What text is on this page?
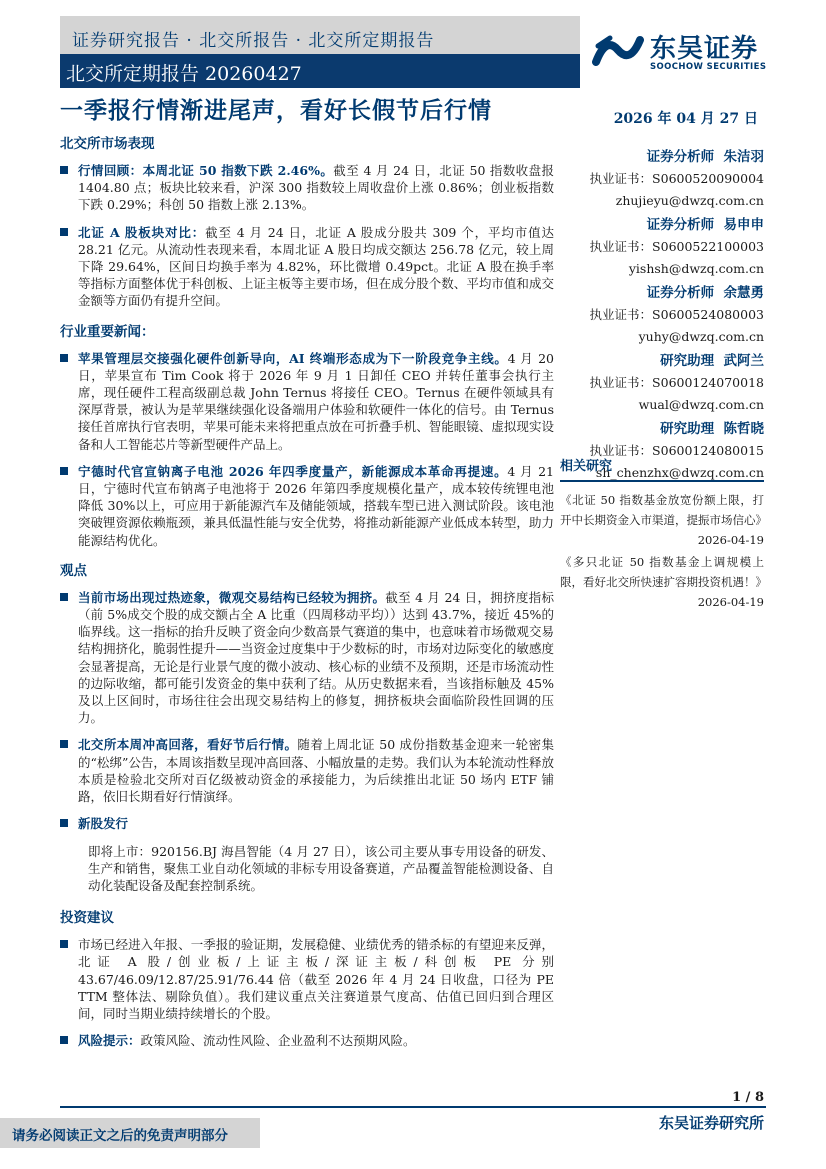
证券研究报告 · 北交所报告 · 北交所定期报告
北交所定期报告 20260427
东吴证券
SOOCHOW SECURITIES
一季报行情渐进尾声，看好长假节后行情	2026 年 04 月 27 日
北交所市场表现
行情回顾：本周北证 50 指数下跌 2.46%。截至 4 月 24 日，北证 50 指数收盘报 1404.80 点；板块比较来看，沪深 300 指数较上周收盘价上涨 0.86%；创业板指数下跌 0.29%；科创 50 指数上涨 2.13%。
北证 A 股板块对比：截至 4 月 24 日，北证 A 股成分股共 309 个，平均市值达 28.21 亿元。从流动性表现来看，本周北证 A 股日均成交额达 256.78 亿元，较上周下降 29.64%，区间日均换手率为 4.82%，环比微增 0.49pct。北证 A 股在换手率等指标方面整体优于科创板、上证主板等主要市场，但在成分股个数、平均市值和成交金额等方面仍有提升空间。
行业重要新闻：
苹果管理层交接强化硬件创新导向，AI 终端形态成为下一阶段竞争主线。4 月 20 日，苹果宣布 Tim Cook 将于 2026 年 9 月 1 日卸任 CEO 并转任董事会执行主席，现任硬件工程高级副总裁 John Ternus 将接任 CEO。Ternus 在硬件领域具有深厚背景，被认为是苹果继续强化设备端用户体验和软硬件一体化的信号。由 Ternus 接任首席执行官表明，苹果可能未来将把重点放在可折叠手机、智能眼镜、虚拟现实设备和人工智能芯片等新型硬件产品上。
宁德时代官宣钠离子电池 2026 年四季度量产，新能源成本革命再提速。4 月 21 日，宁德时代宣布钠离子电池将于 2026 年第四季度规模化量产，成本较传统锂电池降低 30%以上，可应用于新能源汽车及储能领域，搭载车型已进入测试阶段。该电池突破锂资源依赖瓶颈，兼具低温性能与安全优势，将推动新能源产业低成本转型，助力能源结构优化。
观点
当前市场出现过热迹象，微观交易结构已经较为拥挤。截至 4 月 24 日，拥挤度指标（前 5%成交个股的成交额占全 A 比重（四周移动平均））达到 43.7%，接近 45%的临界线。这一指标的抬升反映了资金向少数高景气赛道的集中，也意味着市场微观交易结构拥挤化，脆弱性提升——当资金过度集中于少数标的时，市场对边际变化的敏感度会显著提高，无论是行业景气度的微小波动、核心标的业绩不及预期，还是市场流动性的边际收缩，都可能引发资金的集中获利了结。从历史数据来看，当该指标触及 45%及以上区间时，市场往往会出现交易结构上的修复，拥挤板块会面临阶段性回调的压力。
北交所本周冲高回落，看好节后行情。随着上周北证 50 成份指数基金迎来一轮密集的“松绑”公告，本周该指数呈现冲高回落、小幅放量的走势。我们认为本轮流动性释放本质是检验北交所对百亿级被动资金的承接能力，为后续推出北证 50 场内 ETF 铺路，依旧长期看好行情演绎。
新股发行
即将上市：920156.BJ 海昌智能（4 月 27 日），该公司主要从事专用设备的研发、生产和销售，聚焦工业自动化领域的非标专用设备赛道，产品覆盖智能检测设备、自动化装配设备及配套控制系统。
投资建议
市场已经进入年报、一季报的验证期，发展稳健、业绩优秀的错杀标的有望迎来反弹，北证 A 股/创业板/上证主板/深证主板/科创板 PE 分别 43.67/46.09/12.87/25.91/76.44 倍（截至 2026 年 4 月 24 日收盘，口径为 PE TTM 整体法、剔除负值）。我们建议重点关注赛道景气度高、估值已回归到合理区间，同时当期业绩持续增长的个股。
风险提示：政策风险、流动性风险、企业盈利不达预期风险。
证券分析师 朱洁羽
执业证书：S0600520090004
zhujieyu@dwzq.com.cn
证券分析师 易申申
执业证书：S0600522100003
yishsh@dwzq.com.cn
证券分析师 余慧勇
执业证书：S0600524080003
yuhy@dwzq.com.cn
研究助理 武阿兰
执业证书：S0600124070018
wual@dwzq.com.cn
研究助理 陈哲晓
执业证书：S0600124080015
sh_chenzhx@dwzq.com.cn
相关研究
《北证 50 指数基金放宽份额上限，打开中长期资金入市渠道，提振市场信心》
2026-04-19
《多只北证 50 指数基金上调规模上限，看好北交所快速扩容期投资机遇！》
2026-04-19
1 / 8
请务必阅读正文之后的免责声明部分
东吴证券研究所
